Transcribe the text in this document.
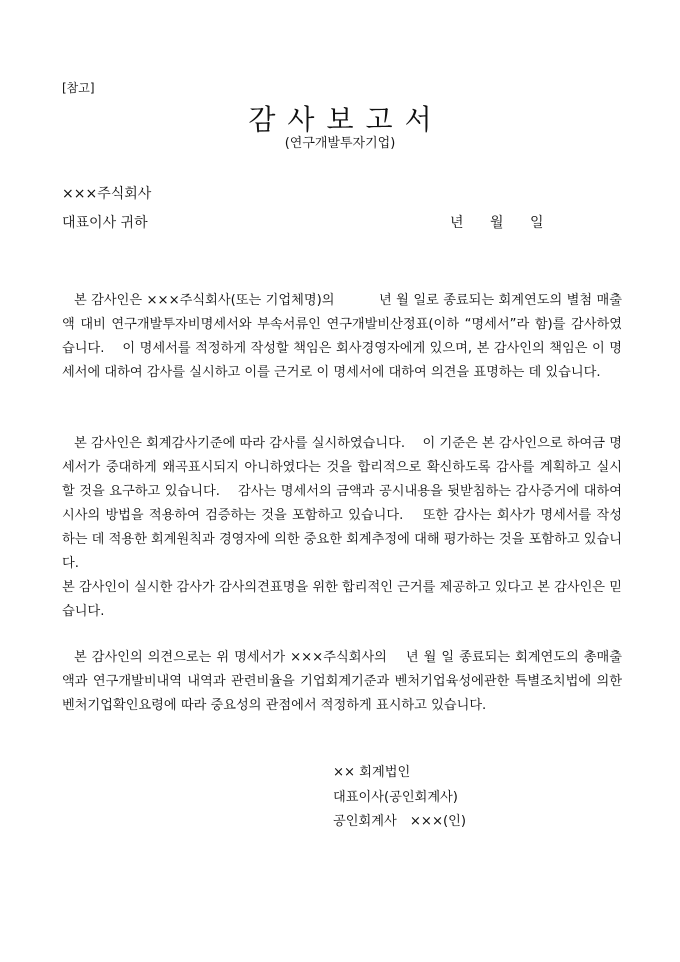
[참고]
감사보고서
(연구개발투자기업)
×××주식회사
대표이사 귀하	년 월 일

본 감사인은 ×××주식회사(또는 기업체명)의 　　　년 월 일로 종료되는 회계연도의 별첨 매출액 대비 연구개발투자비명세서와 부속서류인 연구개발비산정표(이하 “명세서”라 함)를 감사하였습니다. 　이 명세서를 적정하게 작성할 책임은 회사경영자에게 있으며, 본 감사인의 책임은 이 명세서에 대하여 감사를 실시하고 이를 근거로 이 명세서에 대하여 의견을 표명하는 데 있습니다.

본 감사인은 회계감사기준에 따라 감사를 실시하였습니다. 　이 기준은 본 감사인으로 하여금 명세서가 중대하게 왜곡표시되지 아니하였다는 것을 합리적으로 확신하도록 감사를 계획하고 실시할 것을 요구하고 있습니다. 　감사는 명세서의 금액과 공시내용을 뒷받침하는 감사증거에 대하여 시사의 방법을 적용하여 검증하는 것을 포함하고 있습니다. 　또한 감사는 회사가 명세서를 작성하는 데 적용한 회계원칙과 경영자에 의한 중요한 회계추정에 대해 평가하는 것을 포함하고 있습니다.

본 감사인이 실시한 감사가 감사의견표명을 위한 합리적인 근거를 제공하고 있다고 본 감사인은 믿습니다.

본 감사인의 의견으로는 위 명세서가 ×××주식회사의 　년 월 일 종료되는 회계연도의 총매출액과 연구개발비내역 내역과 관련비율을 기업회계기준과 벤처기업육성에관한 특별조치법에 의한 벤처기업확인요령에 따라 중요성의 관점에서 적정하게 표시하고 있습니다.

×× 회계법인
대표이사(공인회계사)
공인회계사　×××(인)
